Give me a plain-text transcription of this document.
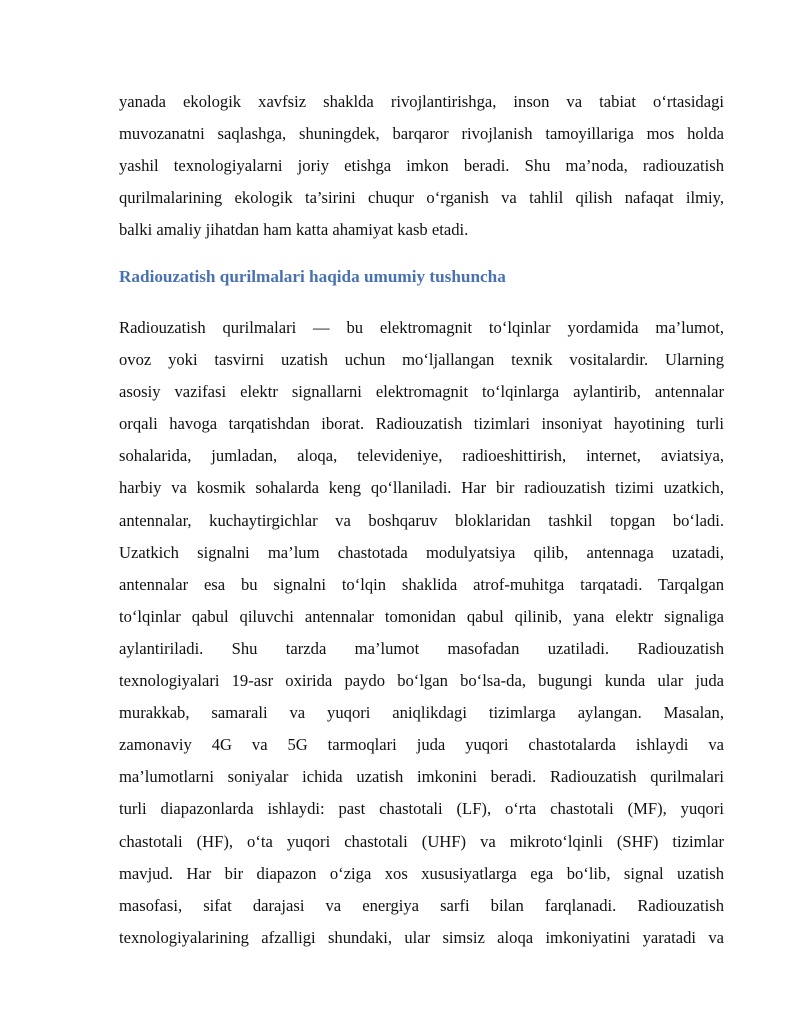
yanada ekologik xavfsiz shaklda rivojlantirishga, inson va tabiat o‘rtasidagi
muvozanatni saqlashga, shuningdek, barqaror rivojlanish tamoyillariga mos holda
yashil texnologiyalarni joriy etishga imkon beradi. Shu ma’noda, radiouzatish
qurilmalarining ekologik ta’sirini chuqur o‘rganish va tahlil qilish nafaqat ilmiy,
balki amaliy jihatdan ham katta ahamiyat kasb etadi.
Radiouzatish qurilmalari haqida umumiy tushuncha
Radiouzatish qurilmalari — bu elektromagnit to‘lqinlar yordamida ma’lumot,
ovoz yoki tasvirni uzatish uchun mo‘ljallangan texnik vositalardir. Ularning
asosiy vazifasi elektr signallarni elektromagnit to‘lqinlarga aylantirib, antennalar
orqali havoga tarqatishdan iborat. Radiouzatish tizimlari insoniyat hayotining turli
sohalarida, jumladan, aloqa, televideniye, radioeshittirish, internet, aviatsiya,
harbiy va kosmik sohalarda keng qo‘llaniladi. Har bir radiouzatish tizimi uzatkich,
antennalar, kuchaytirgichlar va boshqaruv bloklaridan tashkil topgan bo‘ladi.
Uzatkich signalni ma’lum chastotada modulyatsiya qilib, antennaga uzatadi,
antennalar esa bu signalni to‘lqin shaklida atrof-muhitga tarqatadi. Tarqalgan
to‘lqinlar qabul qiluvchi antennalar tomonidan qabul qilinib, yana elektr signaliga
aylantiriladi. Shu tarzda ma’lumot masofadan uzatiladi. Radiouzatish
texnologiyalari 19-asr oxirida paydo bo‘lgan bo‘lsa-da, bugungi kunda ular juda
murakkab, samarali va yuqori aniqlikdagi tizimlarga aylangan. Masalan,
zamonaviy 4G va 5G tarmoqlari juda yuqori chastotalarda ishlaydi va
ma’lumotlarni soniyalar ichida uzatish imkonini beradi. Radiouzatish qurilmalari
turli diapazonlarda ishlaydi: past chastotali (LF), o‘rta chastotali (MF), yuqori
chastotali (HF), o‘ta yuqori chastotali (UHF) va mikroto‘lqinli (SHF) tizimlar
mavjud. Har bir diapazon o‘ziga xos xususiyatlarga ega bo‘lib, signal uzatish
masofasi, sifat darajasi va energiya sarfi bilan farqlanadi. Radiouzatish
texnologiyalarining afzalligi shundaki, ular simsiz aloqa imkoniyatini yaratadi va
